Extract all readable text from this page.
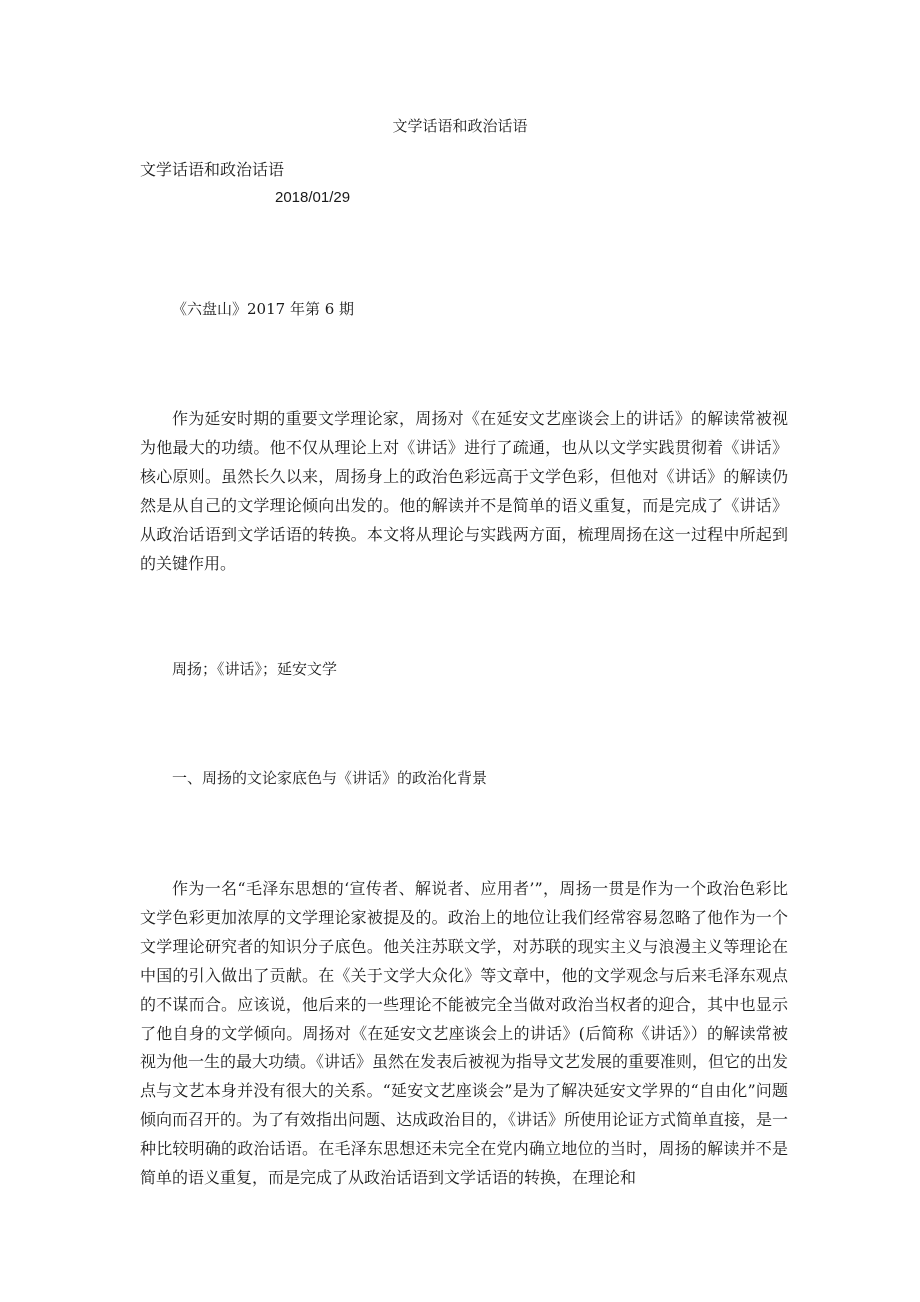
文学话语和政治话语
文学话语和政治话语
2018/01/29
《六盘山》2017 年第 6 期

作为延安时期的重要文学理论家，周扬对《在延安文艺座谈会上的讲话》的解读常被视为他最大的功绩。他不仅从理论上对《讲话》进行了疏通，也从以文学实践贯彻着《讲话》核心原则。虽然长久以来，周扬身上的政治色彩远高于文学色彩，但他对《讲话》的解读仍然是从自己的文学理论倾向出发的。他的解读并不是简单的语义重复，而是完成了《讲话》从政治话语到文学话语的转换。本文将从理论与实践两方面，梳理周扬在这一过程中所起到的关键作用。

周扬；《讲话》；延安文学
一、周扬的文论家底色与《讲话》的政治化背景

作为一名“毛泽东思想的‘宣传者、解说者、应用者’”，周扬一贯是作为一个政治色彩比文学色彩更加浓厚的文学理论家被提及的。政治上的地位让我们经常容易忽略了他作为一个文学理论研究者的知识分子底色。他关注苏联文学，对苏联的现实主义与浪漫主义等理论在中国的引入做出了贡献。在《关于文学大众化》等文章中，他的文学观念与后来毛泽东观点的不谋而合。应该说，他后来的一些理论不能被完全当做对政治当权者的迎合，其中也显示了他自身的文学倾向。周扬对《在延安文艺座谈会上的讲话》(后简称《讲话》）的解读常被视为他一生的最大功绩。《讲话》虽然在发表后被视为指导文艺发展的重要准则，但它的出发点与文艺本身并没有很大的关系。“延安文艺座谈会”是为了解决延安文学界的“自由化”问题倾向而召开的。为了有效指出问题、达成政治目的，《讲话》所使用论证方式简单直接，是一种比较明确的政治话语。在毛泽东思想还未完全在党内确立地位的当时，周扬的解读并不是简单的语义重复，而是完成了从政治话语到文学话语的转换，在理论和
